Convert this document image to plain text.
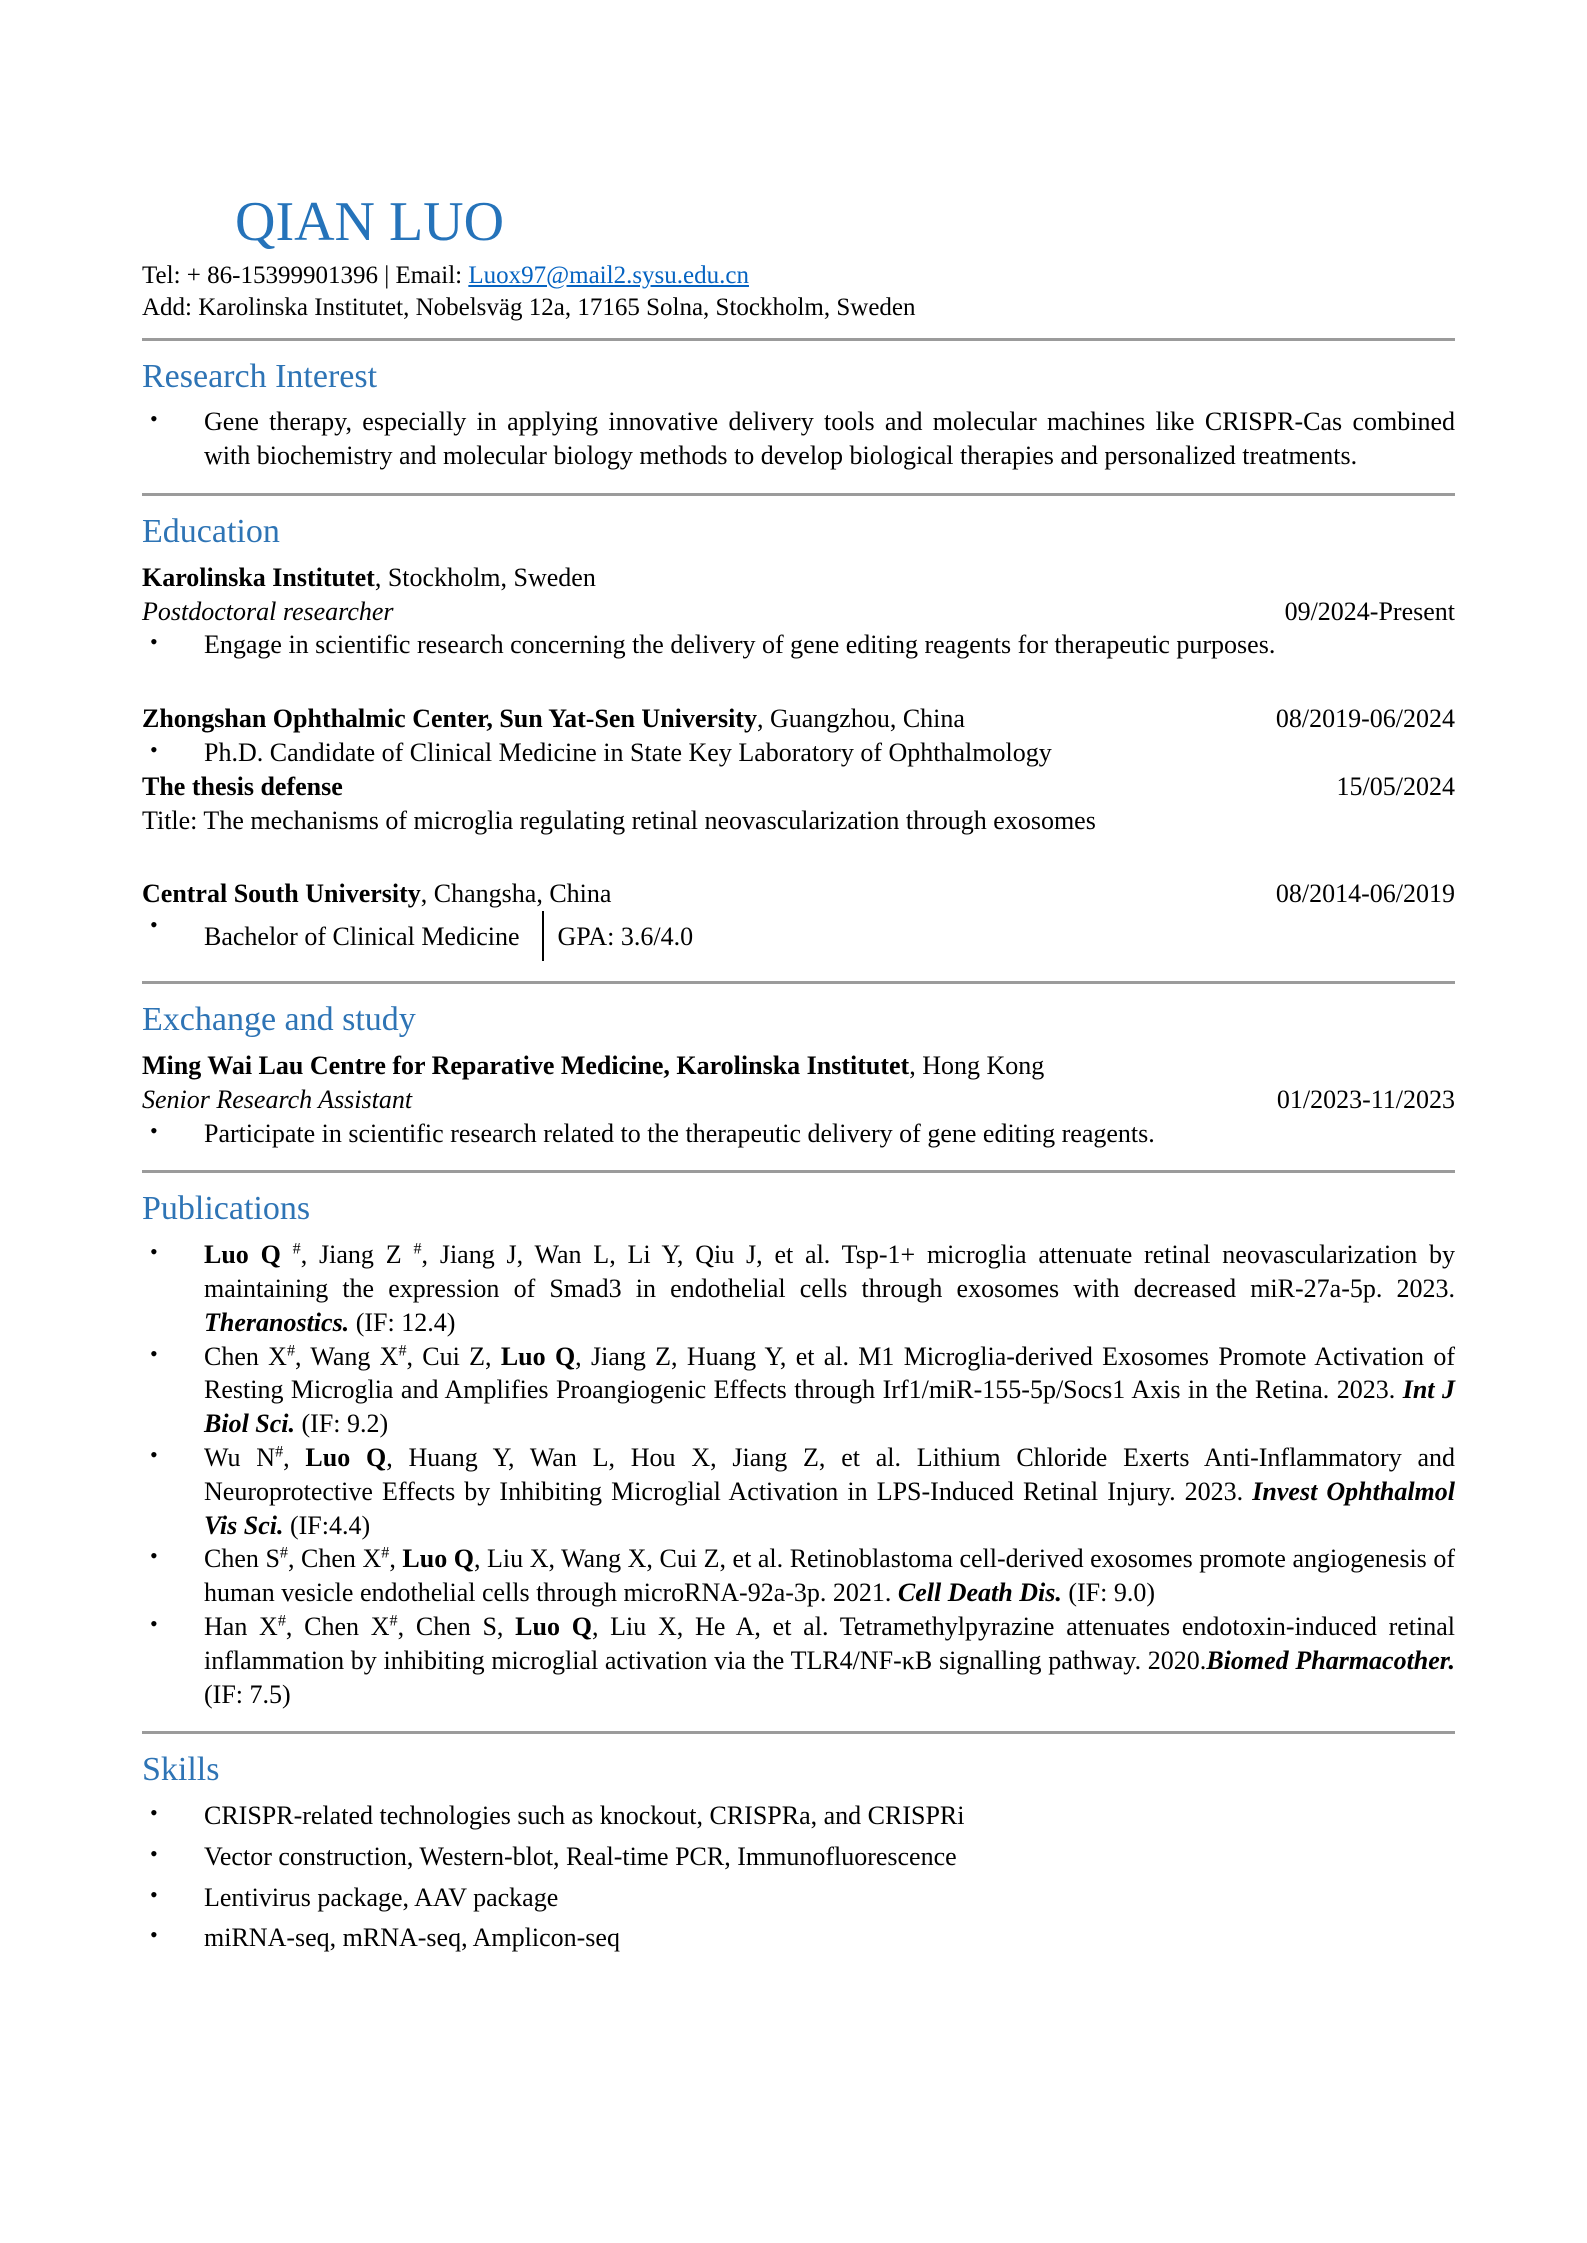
QIAN LUO

Tel: + 86-15399901396 | Email: Luox97@mail2.sysu.edu.cn

Add: Karolinska Institutet, Nobelsväg 12a, 17165 Solna, Stockholm, Sweden

Research Interest
• Gene therapy, especially in applying innovative delivery tools and molecular machines like CRISPR-Cas combined with biochemistry and molecular biology methods to develop biological therapies and personalized treatments.
Education

Karolinska Institutet, Stockholm, Sweden

Postdoctoral researcher	09/2024-Present
• Engage in scientific research concerning the delivery of gene editing reagents for therapeutic purposes.
Zhongshan Ophthalmic Center, Sun Yat-Sen University, Guangzhou, China	08/2019-06/2024
• Ph.D. Candidate of Clinical Medicine in State Key Laboratory of Ophthalmology
The thesis defense	15/05/2024

Title: The mechanisms of microglia regulating retinal neovascularization through exosomes

Central South University, Changsha, China	08/2014-06/2019
• Bachelor of Clinical Medicine GPA: 3.6/4.0
Exchange and study

Ming Wai Lau Centre for Reparative Medicine, Karolinska Institutet, Hong Kong

Senior Research Assistant	01/2023-11/2023
• Participate in scientific research related to the therapeutic delivery of gene editing reagents.
Publications
• Luo Q #, Jiang Z #, Jiang J, Wan L, Li Y, Qiu J, et al. Tsp-1+ microglia attenuate retinal neovascularization by maintaining the expression of Smad3 in endothelial cells through exosomes with decreased miR-27a-5p. 2023. Theranostics. (IF: 12.4)
• Chen X#, Wang X#, Cui Z, Luo Q, Jiang Z, Huang Y, et al. M1 Microglia-derived Exosomes Promote Activation of Resting Microglia and Amplifies Proangiogenic Effects through Irf1/miR-155-5p/Socs1 Axis in the Retina. 2023. Int J Biol Sci. (IF: 9.2)
• Wu N#, Luo Q, Huang Y, Wan L, Hou X, Jiang Z, et al. Lithium Chloride Exerts Anti-Inflammatory and Neuroprotective Effects by Inhibiting Microglial Activation in LPS-Induced Retinal Injury. 2023. Invest Ophthalmol Vis Sci. (IF:4.4)
• Chen S#, Chen X#, Luo Q, Liu X, Wang X, Cui Z, et al. Retinoblastoma cell-derived exosomes promote angiogenesis of human vesicle endothelial cells through microRNA-92a-3p. 2021. Cell Death Dis. (IF: 9.0)
• Han X#, Chen X#, Chen S, Luo Q, Liu X, He A, et al. Tetramethylpyrazine attenuates endotoxin-induced retinal inflammation by inhibiting microglial activation via the TLR4/NF-κB signalling pathway. 2020.Biomed Pharmacother. (IF: 7.5)
Skills
• CRISPR-related technologies such as knockout, CRISPRa, and CRISPRi
• Vector construction, Western-blot, Real-time PCR, Immunofluorescence
• Lentivirus package, AAV package
• miRNA-seq, mRNA-seq, Amplicon-seq
